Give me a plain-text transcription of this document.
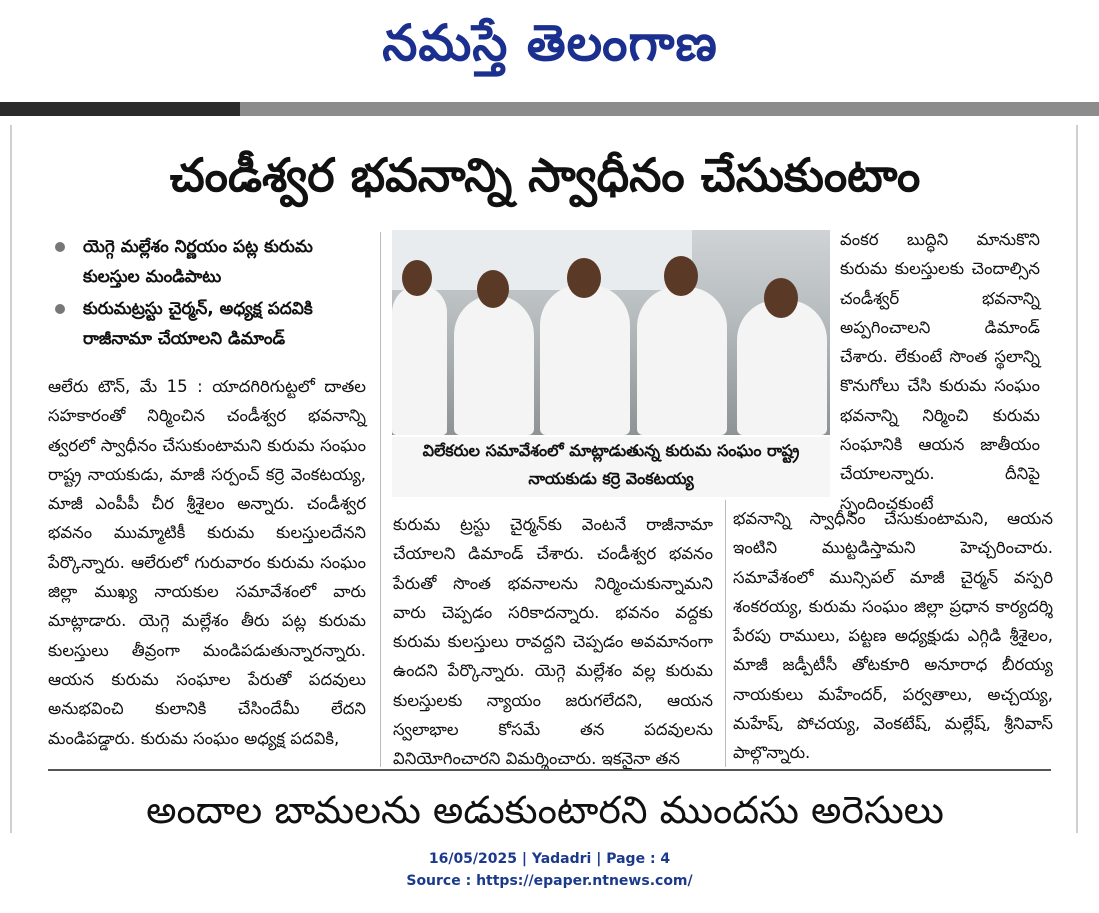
నమస్తే తెలంగాణ
చండీశ్వర భవనాన్ని స్వాధీనం చేసుకుంటాం
యెగ్గె మల్లేశం నిర్ణయం పట్ల కురుమ కులస్తుల మండిపాటు
కురుమట్రస్టు చైర్మన్, అధ్యక్ష పదవికి రాజీనామా చేయాలని డిమాండ్
ఆలేరు టౌన్, మే 15 : యాదగిరిగుట్టలో దాతల సహకారంతో నిర్మించిన చండీశ్వర భవనాన్ని త్వరలో స్వాధీనం చేసుకుంటామని కురుమ సంఘం రాష్ట్ర నాయకుడు, మాజీ సర్పంచ్ కర్రె వెంకటయ్య, మాజీ ఎంపీపీ చీర శ్రీశైలం అన్నారు. చండీశ్వర భవనం ముమ్మాటికీ కురుమ కులస్తులదేనని పేర్కొన్నారు. ఆలేరులో గురువారం కురుమ సంఘం జిల్లా ముఖ్య నాయకుల సమావేశంలో వారు మాట్లాడారు. యెగ్గె మల్లేశం తీరు పట్ల కురుమ కులస్తులు తీవ్రంగా మండిపడుతున్నారన్నారు. ఆయన కురుమ సంఘాల పేరుతో పదవులు అనుభవించి కులానికి చేసిందేమీ లేదని మండిపడ్డారు. కురుమ సంఘం అధ్యక్ష పదవికి,
విలేకరుల సమావేశంలో మాట్లాడుతున్న కురుమ సంఘం రాష్ట్ర నాయకుడు కర్రె వెంకటయ్య
కురుమ ట్రస్టు చైర్మన్‌కు వెంటనే రాజీనామా చేయాలని డిమాండ్ చేశారు. చండీశ్వర భవనం పేరుతో సొంత భవనాలను నిర్మించుకున్నామని వారు చెప్పడం సరికాదన్నారు. భవనం వద్దకు కురుమ కులస్తులు రావద్దని చెప్పడం అవమానంగా ఉందని పేర్కొన్నారు. యెగ్గె మల్లేశం వల్ల కురుమ కులస్తులకు న్యాయం జరుగలేదని, ఆయన స్వలాభాల కోసమే తన పదవులను వినియోగించారని విమర్శించారు. ఇకనైనా తన
వంకర బుద్ధిని మానుకొని కురుమ కులస్తులకు చెందాల్సిన చండీశ్వర్ భవనాన్ని అప్పగించాలని డిమాండ్ చేశారు. లేకుంటే సొంత స్థలాన్ని కొనుగోలు చేసి కురుమ సంఘం భవనాన్ని నిర్మించి కురుమ సంఘానికి ఆయన జాతీయం చేయాలన్నారు. దీనిపై స్పందించకుంటే
భవనాన్ని స్వాధీనం చేసుకుంటామని, ఆయన ఇంటిని ముట్టడిస్తామని హెచ్చరించారు. సమావేశంలో మున్సిపల్ మాజీ చైర్మన్ వస్పరి శంకరయ్య, కురుమ సంఘం జిల్లా ప్రధాన కార్యదర్శి పేరపు రాములు, పట్టణ అధ్యక్షుడు ఎగ్గిడి శ్రీశైలం, మాజీ జడ్పీటీసీ తోటకూరి అనూరాధ బీరయ్య నాయకులు మహేందర్, పర్వతాలు, అచ్చయ్య, మహేష్, పోచయ్య, వెంకటేష్, మల్లేష్, శ్రీనివాస్ పాల్గొన్నారు.
అందాల బామలను అడుకుంటారని ముందసు అరెసులు
16/05/2025 | Yadadri | Page : 4
Source : https://epaper.ntnews.com/
